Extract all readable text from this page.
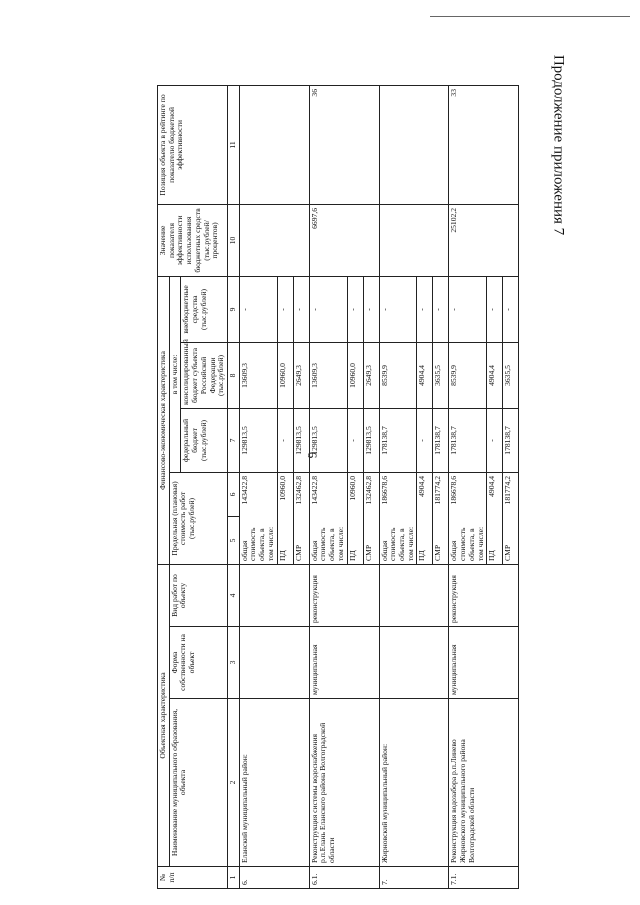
6
Продолжение приложения 7
№ п/п	Объектная характеристика			Финансово-экономическая характеристика					Значение показателя эффективности использования бюджетных средств (тыс.рублей/процентов)	Позиция объекта в рейтинге по показателю бюджетной эффективности
	Наименование муниципального образования, объекта	Форма собственности на объект	Вид работ по объекту	Предельная (плановая) стоимость работ (тыс.рублей)		в том числе:				
						федеральный бюджет (тыс.рублей)	консолидированный бюджет субъекта Российской Федерации (тыс.рублей)	внебюджетные средства (тыс.рублей)		
1	2	3	4	5	6	7	8	9	10	11
6.	Еланский муниципальный район:			общая стоимость объекта, в том числе:	143422,8	129813,5	13609,3	-		
				ПД	10960,0	-	10960,0	-		
				СМР	132462,8	129813,5	2649,3	-		
6.1.	Реконструкция системы водоснабжения р.п.Елань Еланского района Волгоградской области	муниципальная	реконструкция	общая стоимость объекта, в том числе:	143422,8	129813,5	13609,3	-	6697,6	36
				ПД	10960,0	-	10960,0	-		
				СМР	132462,8	129813,5	2649,3	-		
7.	Жирновский муниципальный район:			общая стоимость объекта, в том числе:	186678,6	178138,7	8539,9	-		
				ПД	4904,4	-	4904,4	-		
				СМР	181774,2	178138,7	3635,5	-		
7.1.	Реконструкция водозабора р.п.Линево Жирновского муниципального района Волгоградской области	муниципальная	реконструкция	общая стоимость объекта, в том числе:	186678,6	178138,7	8539,9	-	25102,2	33
				ПД	4904,4	-	4904,4	-		
				СМР	181774,2	178138,7	3635,5	-		
